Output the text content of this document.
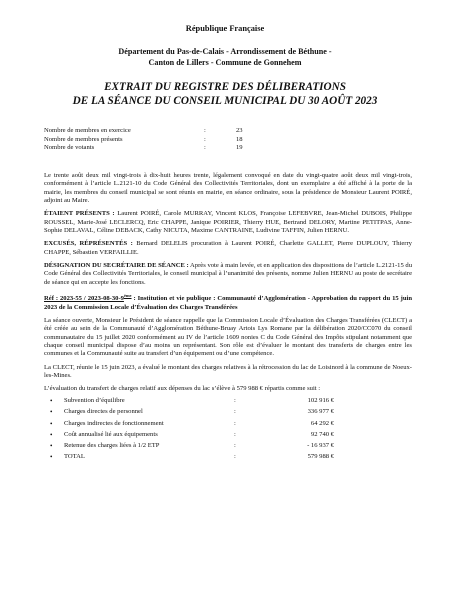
République Française
Département du Pas-de-Calais - Arrondissement de Béthune -
Canton de Lillers - Commune de Gonnehem
EXTRAIT DU REGISTRE DES DÉLIBERATIONS
DE LA SÉANCE DU CONSEIL MUNICIPAL DU 30 AOÛT 2023
Nombre de membres en exercice	:	23
Nombre de membres présents	:	18
Nombre de votants	:	19

Le trente août deux mil vingt-trois à dix-huit heures trente, légalement convoqué en date du vingt-quatre août deux mil vingt-trois, conformément à l’article L.2121-10 du Code Général des Collectivités Territoriales, dont un exemplaire a été affiché à la porte de la mairie, les membres du conseil municipal se sont réunis en mairie, en séance ordinaire, sous la présidence de Monsieur Laurent POIRÉ, adjoint au Maire.

ÉTAIENT PRÉSENTS : Laurent POIRÉ, Carole MURRAY, Vincent KLOS, Françoise LEFEBVRE, Jean-Michel DUBOIS, Philippe ROUSSEL, Marie-José LECLERCQ, Eric CHAPPE, Janique POIRIER, Thierry HUE, Bertrand DELORY, Martine PETITPAS, Anne-Sophie DELAVAL, Céline DEBACK, Cathy NICUTA, Maxime CANTRAINE, Ludivine TAFFIN, Julien HERNU.

EXCUSÉS, RÉPRÉSENTÉS : Bernard DELELIS procuration à Laurent POIRÉ, Charlette GALLET, Pierre DUPLOUY, Thierry CHAPPE, Sébastien VERFAILLIE.

DÉSIGNATION DU SECRÉTAIRE DE SÉANCE : Après vote à main levée, et en application des dispositions de l’article L.2121-15 du Code Général des Collectivités Territoriales, le conseil municipal à l’unanimité des présents, nomme Julien HERNU au poste de secrétaire de séance qui en accepte les fonctions.

Réf : 2023-55 / 2023-08-30-9ème : Institution et vie publique : Communauté d’Agglomération - Approbation du rapport du 15 juin 2023 de la Commission Locale d’Évaluation des Charges Transférées

La séance ouverte, Monsieur le Président de séance rappelle que la Commission Locale d’Évaluation des Charges Transférées (CLECT) a été créée au sein de la Communauté d’Agglomération Béthune-Bruay Artois Lys Romane par la délibération 2020/CC070 du conseil communautaire du 15 juillet 2020 conformément au IV de l’article 1609 nonies C du Code Général des Impôts stipulant notamment que chaque conseil municipal dispose d’au moins un représentant. Son rôle est d’évaluer le montant des transferts de charges entre les communes et la Communauté suite au transfert d’un équipement ou d’une compétence.

La CLECT, réunie le 15 juin 2023, a évalué le montant des charges relatives à la rétrocession du lac de Loisinord à la commune de Noeux-les-Mines.

L’évaluation du transfert de charges relatif aux dépenses du lac s’élève à 579 988 € répartis comme suit :
•	Subvention d’équilibre	:	102 916 €
•	Charges directes de personnel	:	336 977 €
•	Charges indirectes de fonctionnement	:	64 292 €
•	Coût annualisé lié aux équipements	:	92 740 €
•	Retenue des charges liées à 1/2 ETP	:	- 16 937 €
•	TOTAL	:	579 988 €
